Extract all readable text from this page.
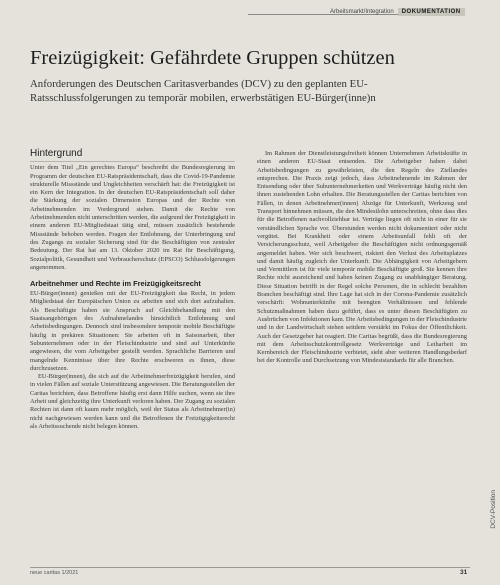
Arbeitsmarkt/Integration	DOKUMENTATION
Freizügigkeit: Gefährdete Gruppen schützen

Anforderungen des Deutschen Caritasverbandes (DCV) zu den geplanten EU-Ratsschlussfolgerungen zu temporär mobilen, erwerbstätigen EU-Bürger(inne)n

Hintergrund

Unter dem Titel „Ein gerechtes Europa“ beschreibt die Bundesregierung im Programm der deutschen EU-Ratspräsidentschaft, dass die Covid-19-Pandemie strukturelle Missstände und Ungleichheiten verschärft hat: die Freizügigkeit ist ein Kern der Integration. In der deutschen EU-Ratspräsidentschaft soll daher die Stärkung der sozialen Dimension Europas und der Rechte von Arbeitnehmenden im Vordergrund stehen. Damit die Rechte von Arbeitnehmenden nicht unterschritten werden, die aufgrund der Freizügigkeit in einem anderen EU-Mitgliedstaat tätig sind, müssen zusätzlich bestehende Missstände behoben werden. Fragen der Entlohnung, der Unterbringung und des Zugangs zu sozialer Sicherung sind für die Beschäftigten von zentraler Bedeutung. Der Rat hat am 13. Oktober 2020 im Rat für Beschäftigung, Sozialpolitik, Gesundheit und Verbraucherschutz (EPSCO) Schlussfolgerungen angenommen.

Arbeitnehmer und Rechte im Freizügigkeitsrecht

EU-Bürger(innen) genießen mit der EU-Freizügigkeit das Recht, in jedem Mitgliedstaat der Europäischen Union zu arbeiten und sich dort aufzuhalten. Als Beschäftigte haben sie Anspruch auf Gleichbehandlung mit den Staatsangehörigen des Aufnahmelandes hinsichtlich Entlohnung und Arbeitsbedingungen. Dennoch sind insbesondere temporär mobile Beschäftigte häufig in prekären Situationen: Sie arbeiten oft in Saisonarbeit, über Subunternehmen oder in der Fleischindustrie und sind auf Unterkünfte angewiesen, die vom Arbeitgeber gestellt werden. Sprachliche Barrieren und mangelnde Kenntnisse über ihre Rechte erschweren es ihnen, diese durchzusetzen.

EU-Bürger(innen), die sich auf die Arbeitnehmerfreizügigkeit berufen, sind in vielen Fällen auf soziale Unterstützung angewiesen. Die Beratungsstellen der Caritas berichten, dass Betroffene häufig erst dann Hilfe suchen, wenn sie ihre Arbeit und gleichzeitig ihre Unterkunft verloren haben. Der Zugang zu sozialen Rechten ist dann oft kaum mehr möglich, weil der Status als Arbeitnehmer(in) nicht nachgewiesen werden kann und die Betroffenen ihr Freizügigkeitsrecht als Arbeitssuchende nicht belegen können.

Im Rahmen der Dienstleistungsfreiheit können Unternehmen Arbeitskräfte in einen anderen EU-Staat entsenden. Die Arbeitgeber haben dabei Arbeitsbedingungen zu gewährleisten, die den Regeln des Ziellandes entsprechen. Die Praxis zeigt jedoch, dass Arbeitnehmende im Rahmen der Entsendung oder über Subunternehmerketten und Werkverträge häufig nicht den ihnen zustehenden Lohn erhalten. Die Beratungsstellen der Caritas berichten von Fällen, in denen Arbeitnehmer(innen) Abzüge für Unterkunft, Werkzeug und Transport hinnehmen müssen, die den Mindestlohn unterschreiten, ohne dass dies für die Betroffenen nachvollziehbar ist. Verträge liegen oft nicht in einer für sie verständlichen Sprache vor. Überstunden werden nicht dokumentiert oder nicht vergütet. Bei Krankheit oder einem Arbeitsunfall fehlt oft der Versicherungsschutz, weil Arbeitgeber die Beschäftigten nicht ordnungsgemäß angemeldet haben. Wer sich beschwert, riskiert den Verlust des Arbeitsplatzes und damit häufig zugleich der Unterkunft. Die Abhängigkeit von Arbeitgebern und Vermittlern ist für viele temporär mobile Beschäftigte groß. Sie kennen ihre Rechte nicht ausreichend und haben keinen Zugang zu unabhängiger Beratung. Diese Situation betrifft in der Regel solche Personen, die in schlecht bezahlten Branchen beschäftigt sind. Ihre Lage hat sich in der Corona-Pandemie zusätzlich verschärft: Wohnunterkünfte mit beengten Verhältnissen und fehlende Schutzmaßnahmen haben dazu geführt, dass es unter diesen Beschäftigten zu Ausbrüchen von Infektionen kam. Die Arbeitsbedingungen in der Fleischindustrie und in der Landwirtschaft stehen seitdem verstärkt im Fokus der Öffentlichkeit. Auch der Gesetzgeber hat reagiert. Die Caritas begrüßt, dass die Bundesregierung mit dem Arbeitsschutzkontrollgesetz Werkverträge und Leiharbeit im Kernbereich der Fleischindustrie verbietet, sieht aber weiteren Handlungsbedarf bei der Kontrolle und Durchsetzung von Mindeststandards für alle Branchen.

DCV-Position
neue caritas 1/2021	31
